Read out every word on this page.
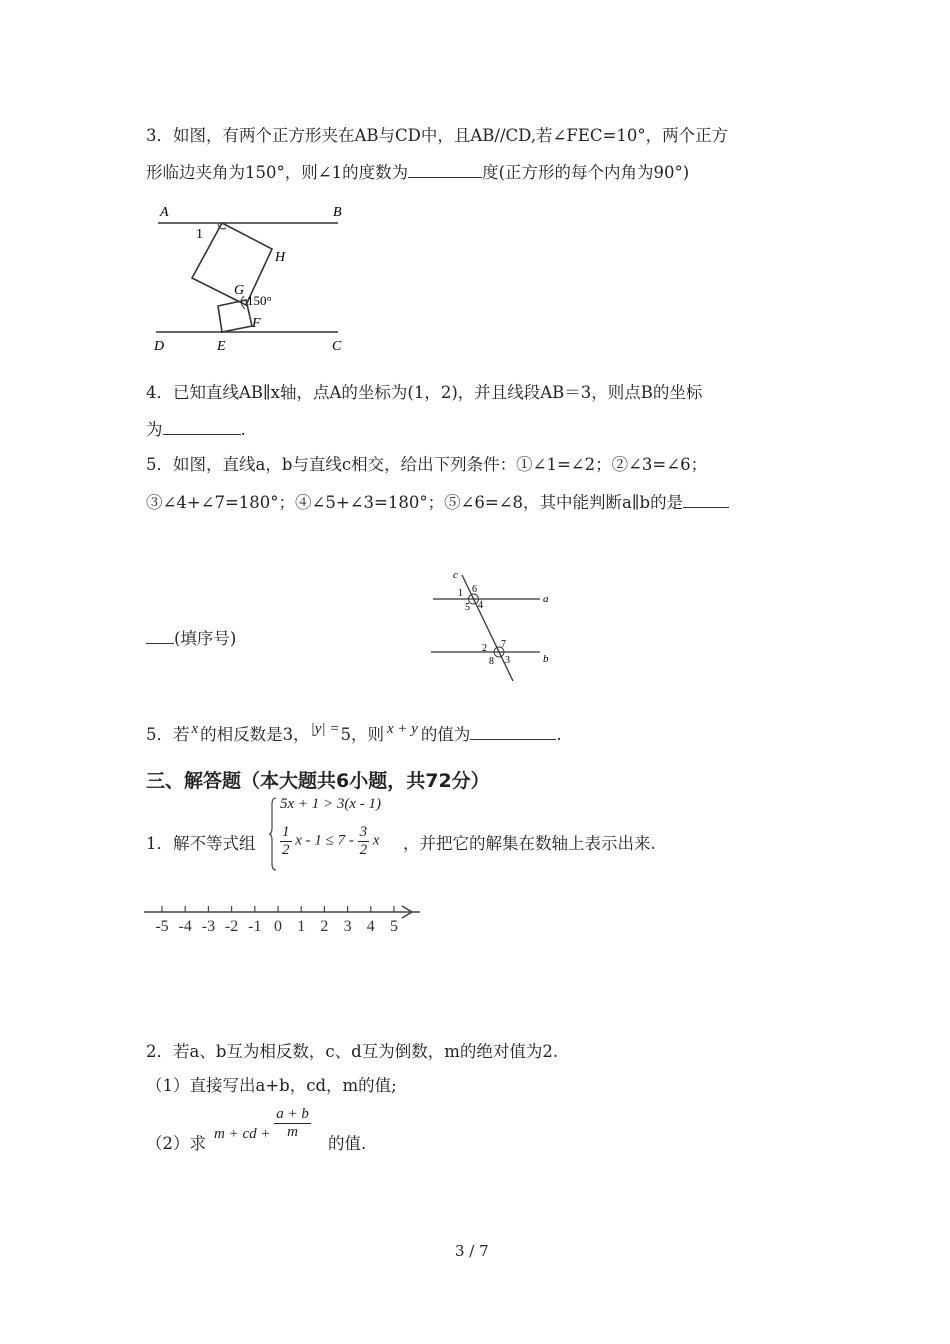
3．如图，有两个正方形夹在AB与CD中，且AB//CD,若∠FEC=10°，两个正方
形临边夹角为150°，则∠1的度数为	度(正方形的每个内角为90°)
A	B
1
H
G
150°
F
D	E	C
4．已知直线AB∥x轴，点A的坐标为(1，2)，并且线段AB＝3，则点B的坐标
为	.
5．如图，直线a，b与直线c相交，给出下列条件：①∠1=∠2；②∠3=∠6；
③∠4+∠7=180°；④∠5+∠3=180°；⑤∠6=∠8，其中能判断a∥b的是
(填序号)
c
a
b
6
1
5 4
7
2
8 3
5．若 x 的相反数是3，|y| =5，则 x + y 的值为	.
三、解答题（本大题共6小题，共72分）
1．解不等式组
5x + 1 > 3(x - 1)
$\frac{1}{2}$ $x - 1 \le 7 - \frac{3}{2}$ x ，并把它的解集在数轴上表示出来.
-5 -4 -3 -2 -1 0 1 2 3 4 5
2．若a、b互为相反数，c、d互为倒数，m的绝对值为2.
（1）直接写出a+b，cd，m的值;
（2）求 m + cd + $\frac{a + b}{m}$
的值.
3 / 7
